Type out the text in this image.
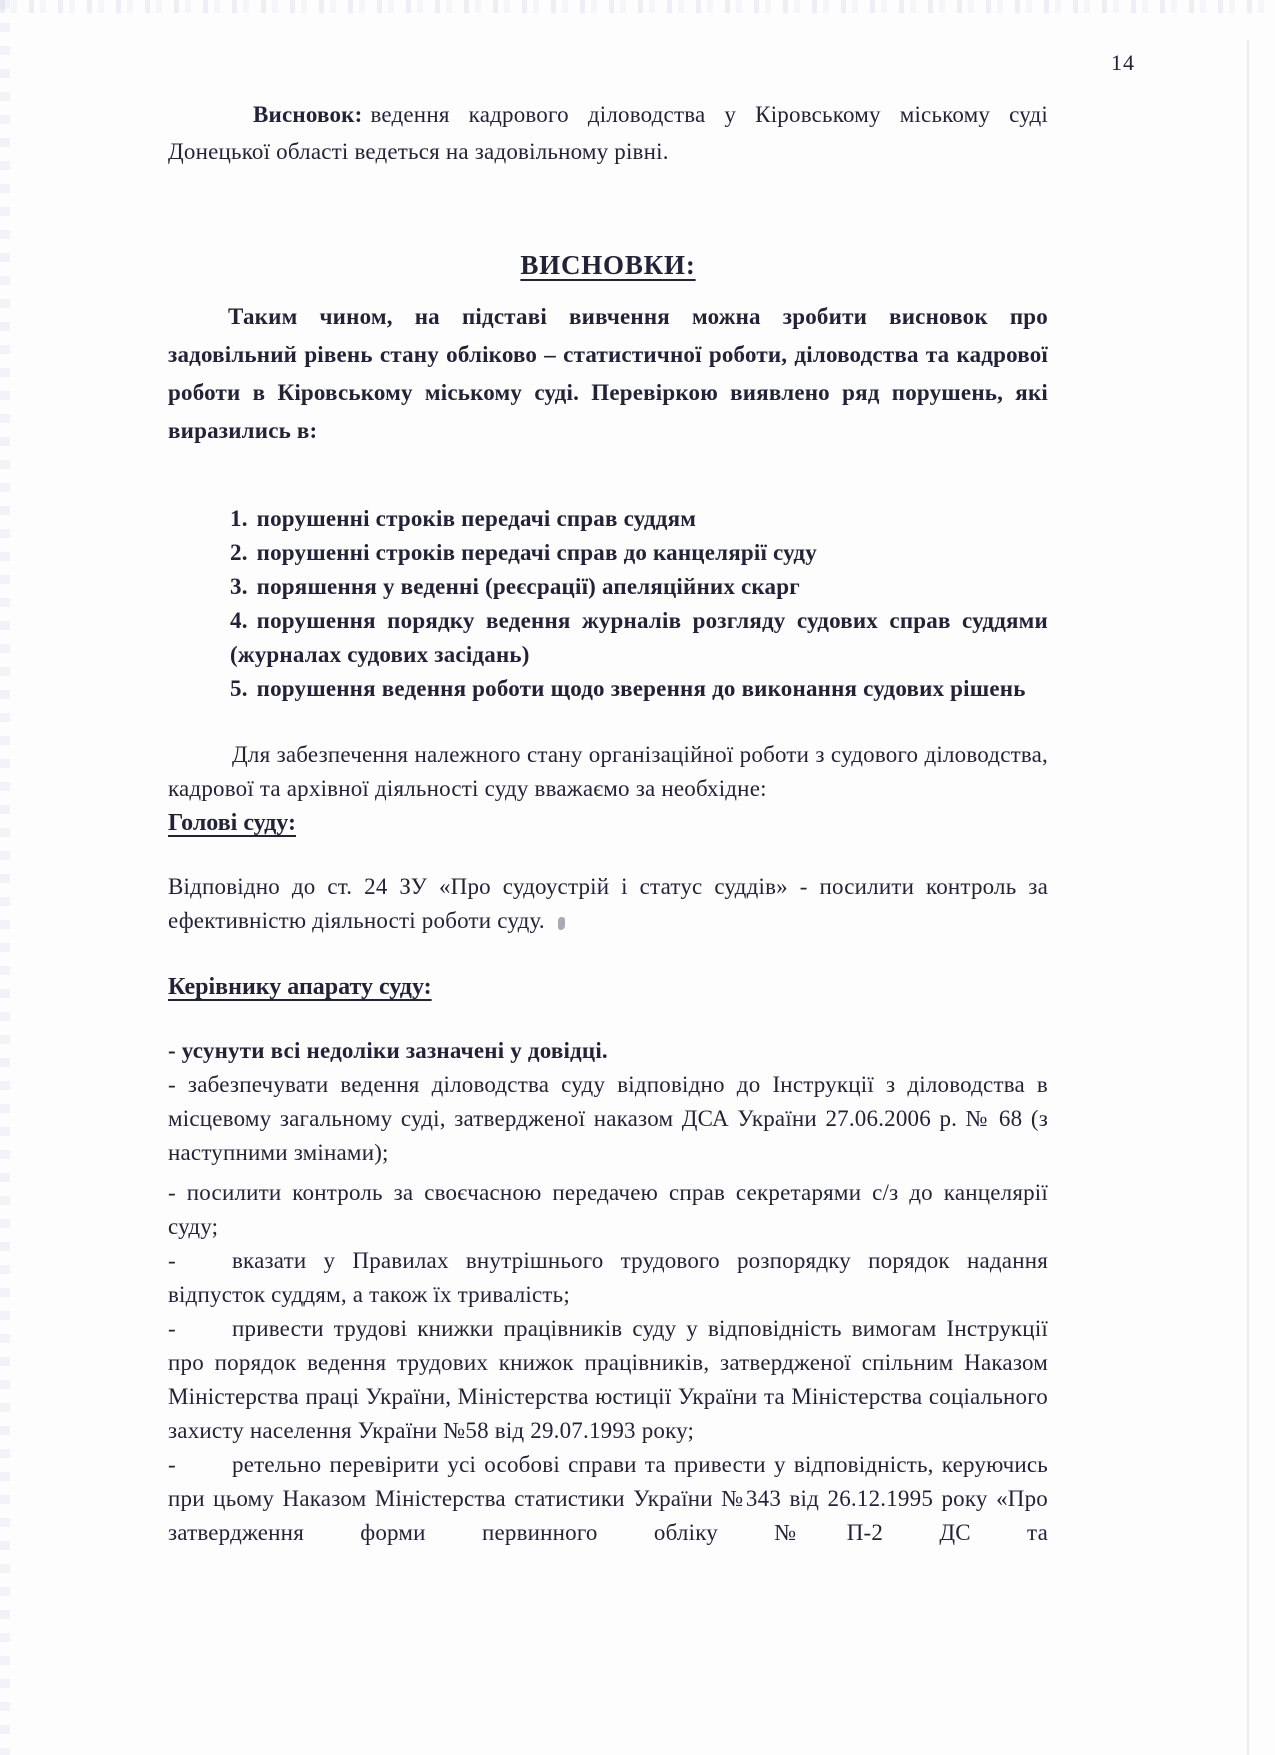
14

Висновок: ведення кадрового діловодства у Кіровському міському суді Донецької області ведеться на задовільному рівні.

ВИСНОВКИ:

Таким чином, на підставі вивчення можна зробити висновок про задовільний рівень стану обліково – статистичної роботи, діловодства та кадрової роботи в Кіровському міському суді. Перевіркою виявлено ряд порушень, які виразились в:

1. порушенні строків передачі справ суддям

2. порушенні строків передачі справ до канцелярії суду

3. поряшення у веденні (реєсрації) апеляційних скарг

4. порушення порядку ведення журналів розгляду судових справ суддями (журналах судових засідань)

5. порушення ведення роботи щодо зверення до виконання судових рішень

Для забезпечення належного стану організаційної роботи з судового діловодства, кадрової та архівної діяльності суду вважаємо за необхідне:

Голові суду:

Відповідно до ст. 24 ЗУ «Про судоустрій і статус суддів» - посилити контроль за ефективністю діяльності роботи суду.

Керівнику апарату суду:

- усунути всі недоліки зазначені у довідці.

- забезпечувати ведення діловодства суду відповідно до Інструкції з діловодства в місцевому загальному суді, затвердженої наказом ДСА України 27.06.2006 р. № 68 (з наступними змінами);

- посилити контроль за своєчасною передачею справ секретарями с/з до канцелярії суду;

- вказати у Правилах внутрішнього трудового розпорядку порядок надання відпусток суддям, а також їх тривалість;

- привести трудові книжки працівників суду у відповідність вимогам Інструкції про порядок ведення трудових книжок працівників, затвердженої спільним Наказом Міністерства праці України, Міністерства юстиції України та Міністерства соціального захисту населення України №58 від 29.07.1993 року;

- ретельно перевірити усі особові справи та привести у відповідність, керуючись при цьому Наказом Міністерства статистики України №343 від 26.12.1995 року «Про затвердження форми первинного обліку №П-2 ДС та
